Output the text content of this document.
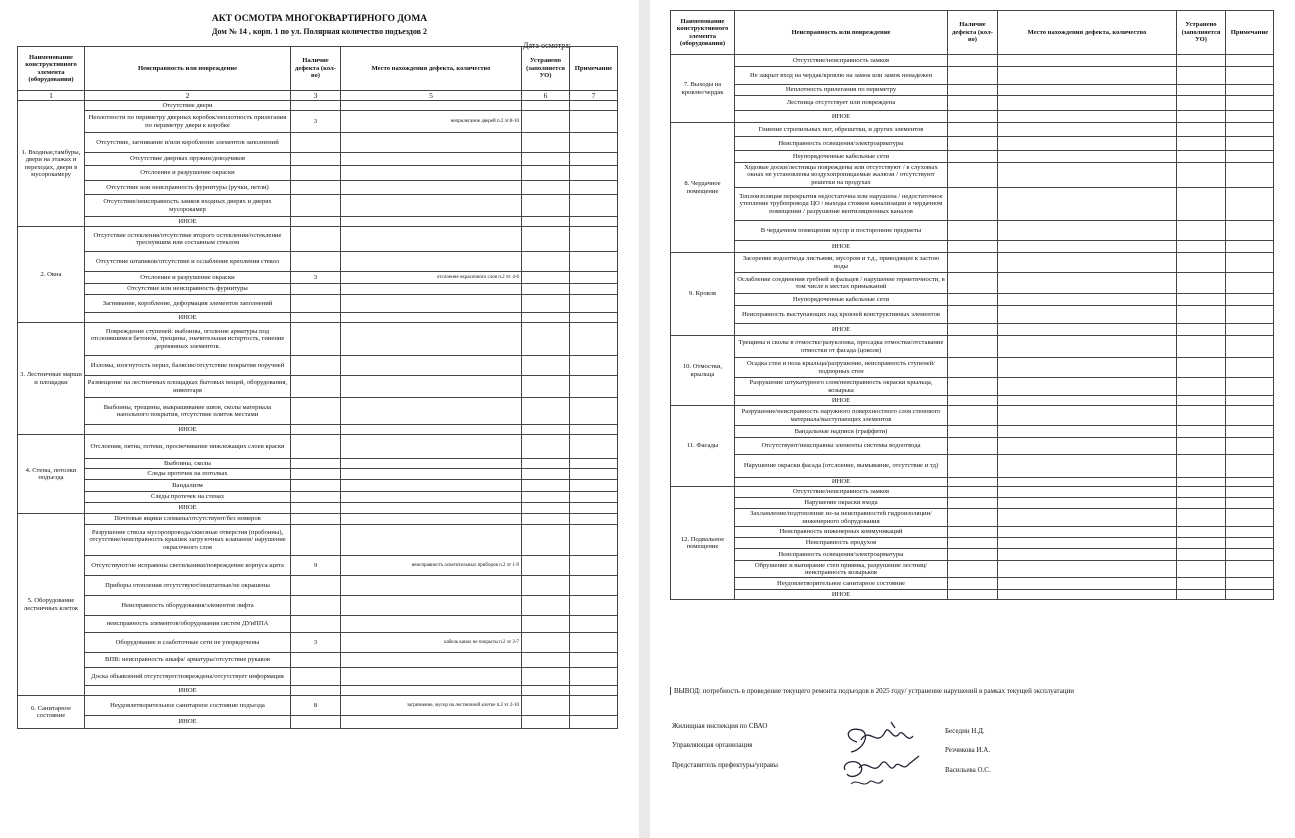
АКТ ОСМОТРА МНОГОКВАРТИРНОГО ДОМА
Дом № 14 , корп. 1 по ул. Полярная количество подъездов 2
Дата осмотра:
Наименование конструктивного элемента (оборудования)	Неисправность или повреждение	Наличие дефекта (кол-во)	Место нахождения дефекта, количество	Устранено (заполняется УО)	Примечание
1	2	3	5	6	7
1. Входные,тамбуры, двери на этажах и переходах, двери в мусорокамеру	Отсутствие двери				
	Неплотности по периметру дверных коробок/неплотность прилегания по периметру двери к коробке	3	неприлегание дверей п.2 эт.8-10		
	Отсутствие, загнивание и/или коробление элементов заполнений				
	Отсутствие дверных пружин/доводчиков				
	Отслоение и разрушение окраски				
	Отсутствие или неисправность фурнитуры (ручки, петли)				
	Отсутствие/неисправность замков входных дверях и дверях мусорокамер				
	ИНОЕ				
2. Окна	Отсутствие остекления/отсутствие второго остекления/остекление треснувшим или составным стеклом				
	Отсутствие штапиков/отсутствие и ослабление крепления стекол				
	Отслоение и разрушение окраски	3	отслоение окрасочного слоя п.2 эт. 4-6		
	Отсутствие или неисправность фурнитуры				
	Загнивание, коробление, деформация элементов заполнений				
	ИНОЕ				
3. Лестничные марши и площадки	Повреждение ступеней: выбоины, оголение арматуры под отслоившимся бетоном, трещины, значительная истертость, гниение деревянных элементов.				
	Изломы, изогнутость перил, балясин/отсутствие покрытия поручней				
	Размещение на лестничных площадках бытовых вещей, оборудования, инвентаря				
	Выбоины, трещины, выкрашивание швов, сколы материала напольного покрытия, отсутствие плиток местами				
	ИНОЕ				
4. Стены, потолки подъезда	Отслоения, пятна, потеки, просвечивание нижлежащих слоев краски				
	Выбоины, сколы				
	Следы протечек на потолках				
	Вандализм				
	Следы протечек на стенах				
	ИНОЕ				
5. Оборудование лестничных клеток	Почтовые ящики сломаны/отсутствуют/без номеров				
	Разрушение ствола мусоропровода/сквозные отверстия (пробоины), отсутствие/неисправность крышек загрузочных клапанов/ нарушение окрасочного слоя				
	Отсутствуют/не исправены светильники/повреждение корпуса щита	9	неисправность осветительных приборов п.2 эт 1-9		
	Приборы отопления отсутствуют/нештатные/не окрашены				
	Неисправность оборудования/элементов лифта				
	неисправность элементов/оборудования систем ДУиППА				
	Оборудование и слаботочные сети не упорядочены	3	кабель канал не покрыты п.2 эт 3-7		
	ВПВ: неисправность шкафа/ арматуры/отсутствие рукавов				
	Доска объявлений отсутствует/повреждена/отсутствует информация				
	ИНОЕ				
6. Санитарное состояние	Неудовлетворительное санитарное состояние подъезда	8	загрязнение, мусор на лестничной клетке п.2 эт 2-10		
	ИНОЕ				
Наименование конструктивного элемента (оборудования)	Неисправность или повреждение	Наличие дефекта (кол-во)	Место нахождения дефекта, количество	Устранено (заполняется УО)	Примечание
7. Выходы на кровлю/чердак	Отсутствие/неисправность замков				
	Не закрыт вход на чердак/кровлю на замок или замок ненадежен				
	Неплотность прилегания по периметру				
	Лестница отсутствует или повреждена				
	ИНОЕ				
8. Чердачное помещение	Гниение стропильных ног, обрешетки, и других элементов				
	Неисправность освещения/электроарматуры				
	Неупорядоченные кабельные сети				
	Ходовые доски/лестницы повреждены или отсутствуют / в слуховых окнах не установлены воздухопроницаемые жалюзи / отсутствуют решетки на продухах				
	Теплоизоляция перекрытия недостаточна или нарушена / недостаточное утепление трубопровода ЦО / выходы стояков канализации в чердачном помещении / разрушение вентиляционных каналов				
	В чердачном помещении мусор и посторонние предметы				
	ИНОЕ				
9. Кровля	Засорение водоотвода листьями, мусором и т.д., приводящее к застою воды				
	Ослабление соединения гребней и фальцев / нарушение герметичности, в том числе в местах примыканий				
	Неупорядоченные кабельные сети				
	Неисправность выступающих над кровлей конструктивных элементов				
	ИНОЕ				
10. Отмостки, крыльца	Трещины и сколы в отмостке/разуклонка, просадка отмостки/отставание отмостки от фасада (цоколя)				
	Осадка стен и пола крыльца/разрушение, неисправность ступеней/подпорных стен				
	Разрушение штукатурного слоя/неисправность окраски крыльца, козырька				
	ИНОЕ				
11. Фасады	Разрушение/неисправность наружного поверхностного слоя стенового материала/выступающих элементов				
	Вандальные надписи (граффити)				
	Отсутствуют/неисправны элементы системы водоотвода				
	Нарушение окраски фасада (отслоение, вымывание, отсутствие и тд)				
	ИНОЕ				
12. Подвальное помещение	Отсутствие/неисправность замков				
	Нарушение окраски входа				
	Захламление/подтопление из-за неисправностей гидроизоляции/инженерного оборудования				
	Неисправность инженерных коммуникаций				
	Неисправность продухов				
	Неисправность освещения/электроарматуры				
	Обрушение и выпирание стен приямка, разрушение лестниц/неисправность козырьков				
	Неудовлетворительное санитарное состояние				
	ИНОЕ				
ВЫВОД: потребность в проведение текущего ремонта подъездов в 2025 году/ устранение нарушений в рамках текущей эксплуатации
Жилищная инспекция по СВАО
Беседин Н.Д.
Управляющая организация
Резчикова И.А.
Представитель префектуры/управы
Васильева О.С.
